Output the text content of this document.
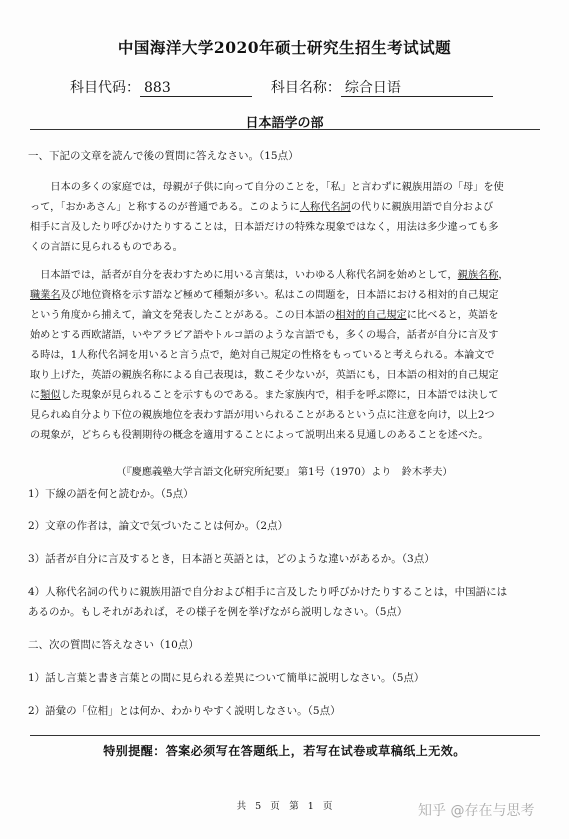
中国海洋大学2020年硕士研究生招生考试试题
科目代码： 883	科目名称： 综合日语
日本語学の部
一、下記の文章を読んで後の質問に答えなさい。（15点）
日本の多くの家庭では，母親が子供に向って自分のことを，「私」と言わずに親族用語の「母」を使
って，「おかあさん」と称するのが普通である。このように人称代名詞の代りに親族用語で自分および
相手に言及したり呼びかけたりすることは，日本語だけの特殊な現象ではなく，用法は多少違っても多
くの言語に見られるものである。
日本語では，話者が自分を表わすために用いる言葉は，いわゆる人称代名詞を始めとして，親族名称，
職業名及び地位資格を示す語など極めて種類が多い。私はこの問題を，日本語における相対的自己規定
という角度から捕えて，論文を発表したことがある。この日本語の相対的自己規定に比べると，英語を
始めとする西欧諸語，いやアラビア語やトルコ語のような言語でも，多くの場合，話者が自分に言及す
る時は，1人称代名詞を用いると言う点で，絶対自己規定の性格をもっていると考えられる。本論文で
取り上げた，英語の親族名称による自己表現は，数こそ少ないが，英語にも，日本語の相対的自己規定
に類似した現象が見られることを示すものである。また家族内で，相手を呼ぶ際に，日本語では決して
見られぬ自分より下位の親族地位を表わす語が用いられることがあるという点に注意を向け，以上2つ
の現象が，どちらも役割期待の概念を適用することによって説明出来る見通しのあることを述べた。
（『慶應義塾大学言語文化研究所紀要』 第1号（1970）より　鈴木孝夫）
1）下線の語を何と読むか。（5点）
2）文章の作者は，論文で気づいたことは何か。（2点）
3）話者が自分に言及するとき，日本語と英語とは，どのような違いがあるか。（3点）
4）人称代名詞の代りに親族用語で自分および相手に言及したり呼びかけたりすることは，中国語には
あるのか。もしそれがあれば，その様子を例を挙げながら説明しなさい。（5点）
二、次の質問に答えなさい（10点）
1）話し言葉と書き言葉との間に見られる差異について簡単に説明しなさい。（5点）
2）語彙の「位相」とは何か、わかりやすく説明しなさい。（5点）
特别提醒：答案必须写在答题纸上，若写在试卷或草稿纸上无效。
共 5 页　第 1 页	知乎 @存在与思考
